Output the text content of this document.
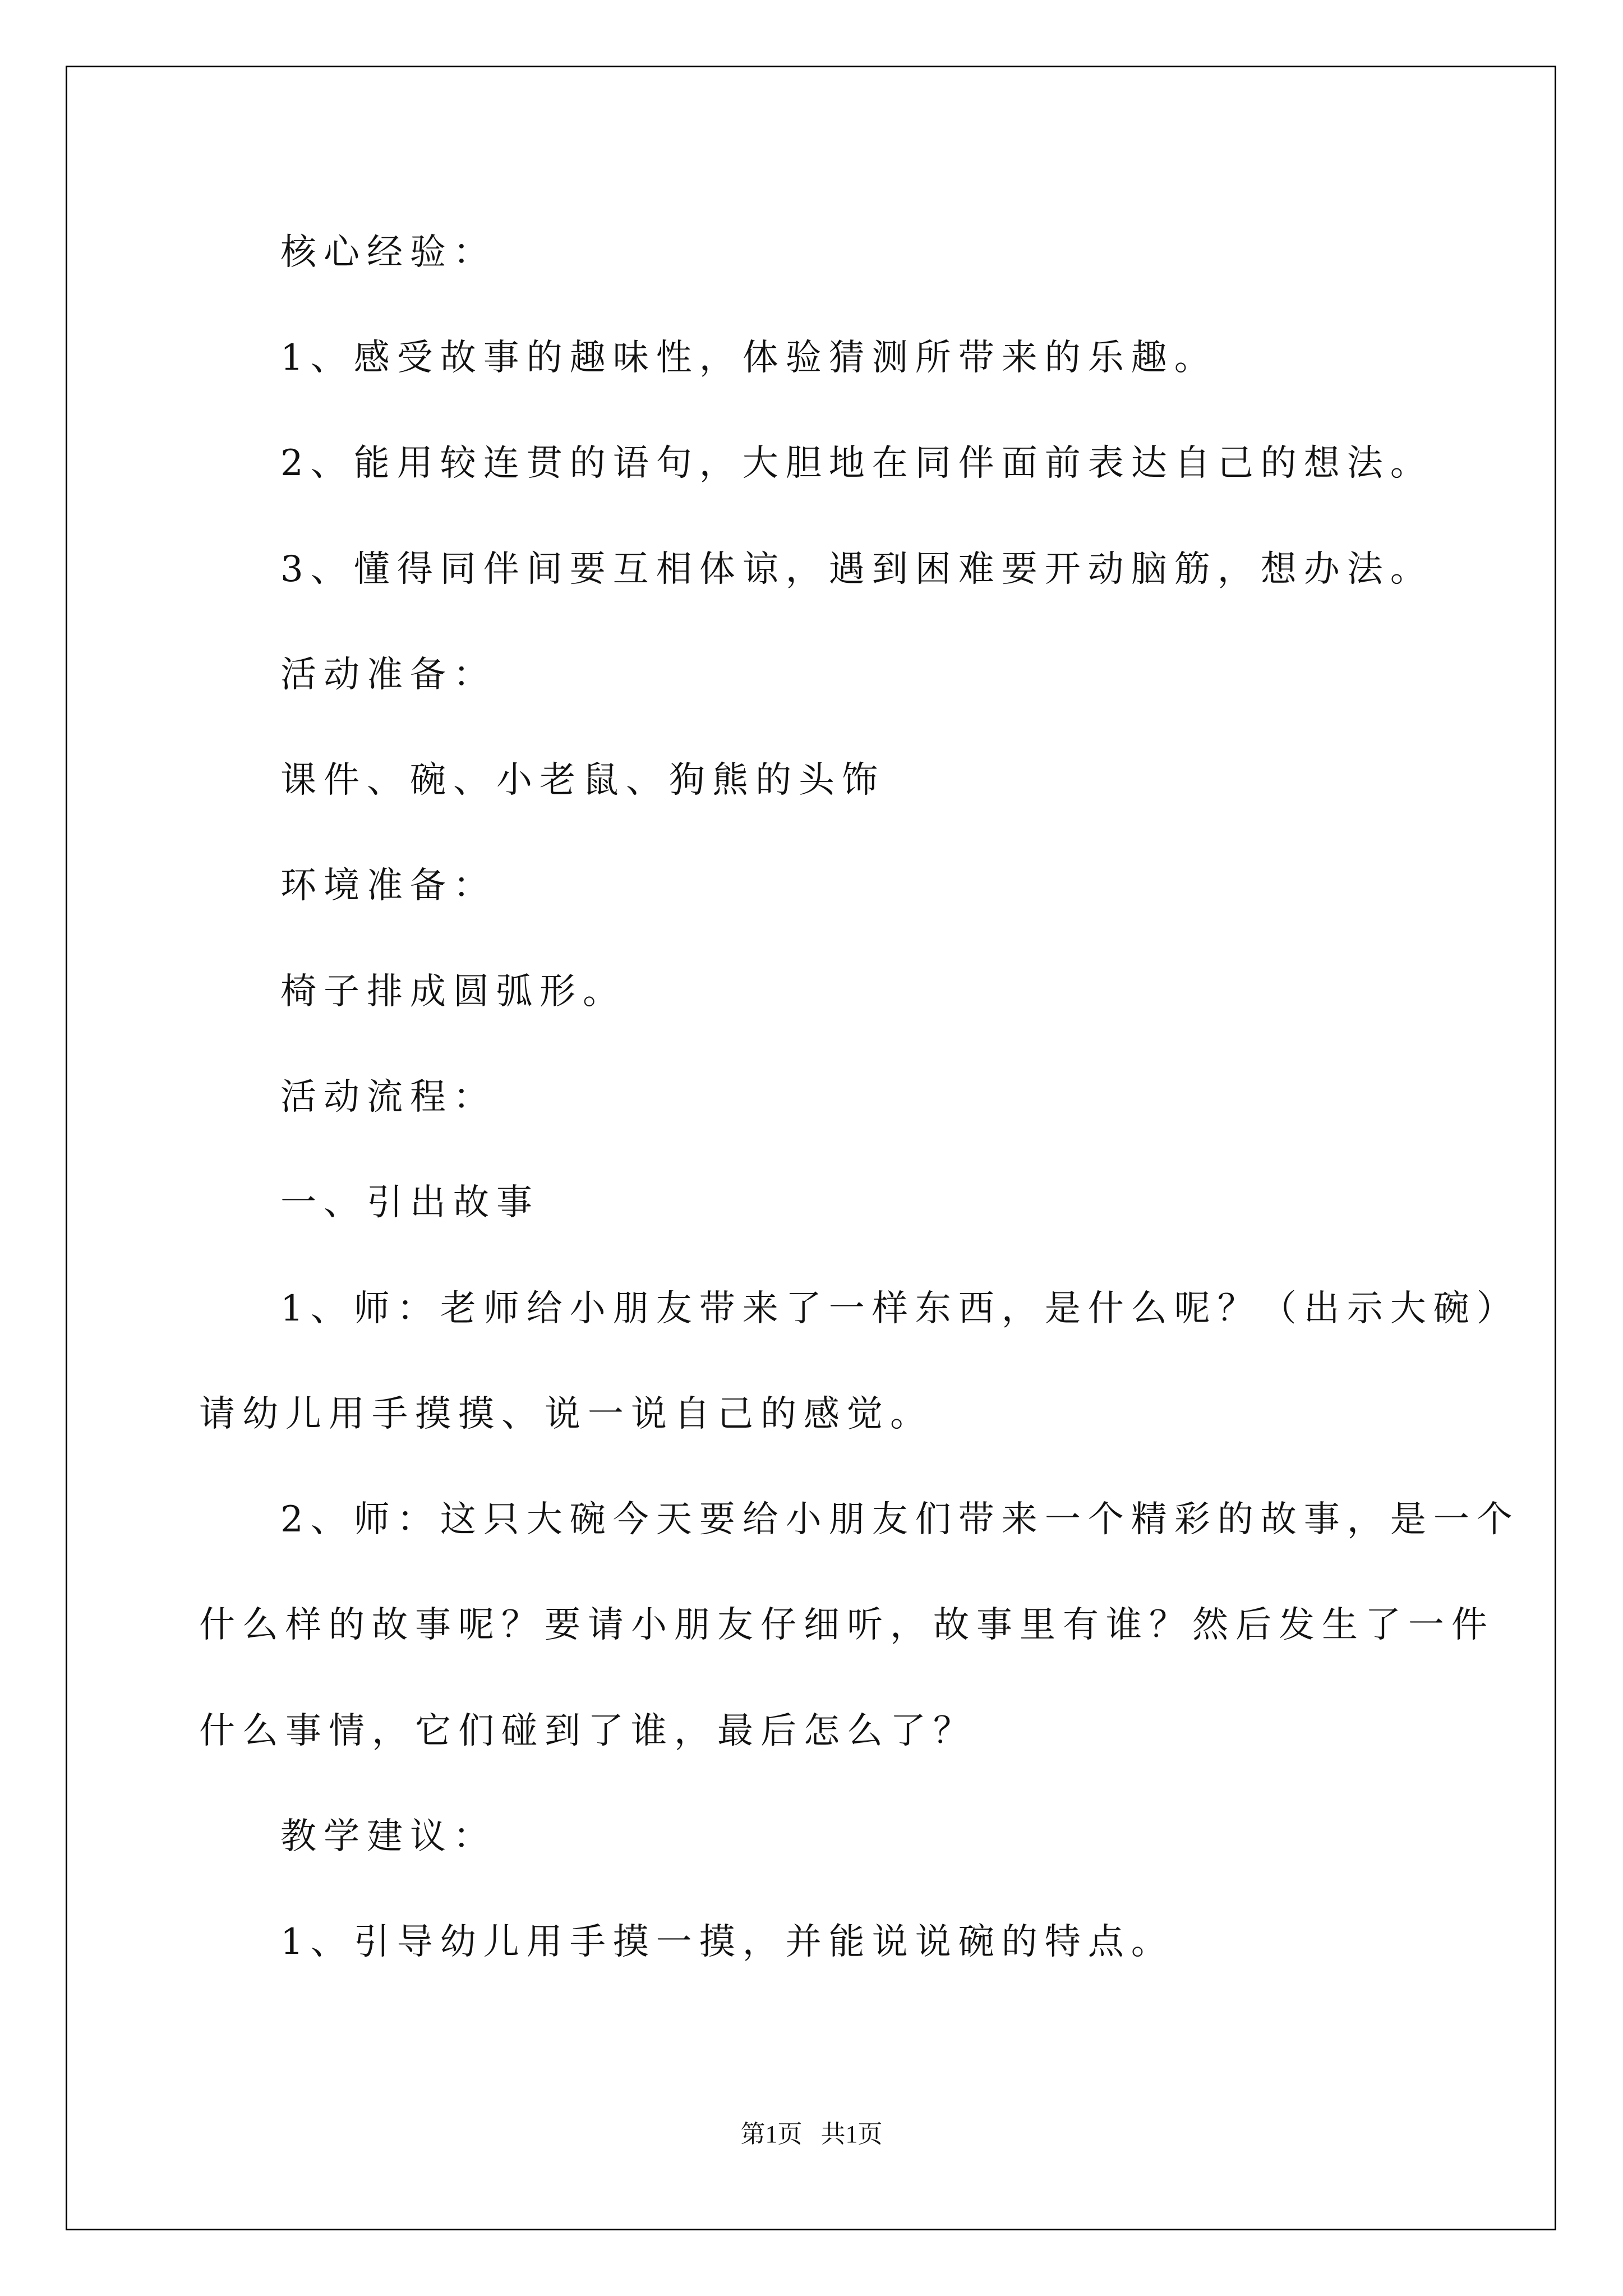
核心经验：
1、感受故事的趣味性，体验猜测所带来的乐趣。
2、能用较连贯的语句，大胆地在同伴面前表达自己的想法。
3、懂得同伴间要互相体谅，遇到困难要开动脑筋，想办法。
活动准备：
课件、碗、小老鼠、狗熊的头饰
环境准备：
椅子排成圆弧形。
活动流程：
一、引出故事
1、师：老师给小朋友带来了一样东西，是什么呢？（出示大碗）
请幼儿用手摸摸、说一说自己的感觉。
2、师：这只大碗今天要给小朋友们带来一个精彩的故事，是一个
什么样的故事呢？要请小朋友仔细听，故事里有谁？然后发生了一件
什么事情，它们碰到了谁，最后怎么了？
教学建议：
1、引导幼儿用手摸一摸，并能说说碗的特点。
第1页   共1页
